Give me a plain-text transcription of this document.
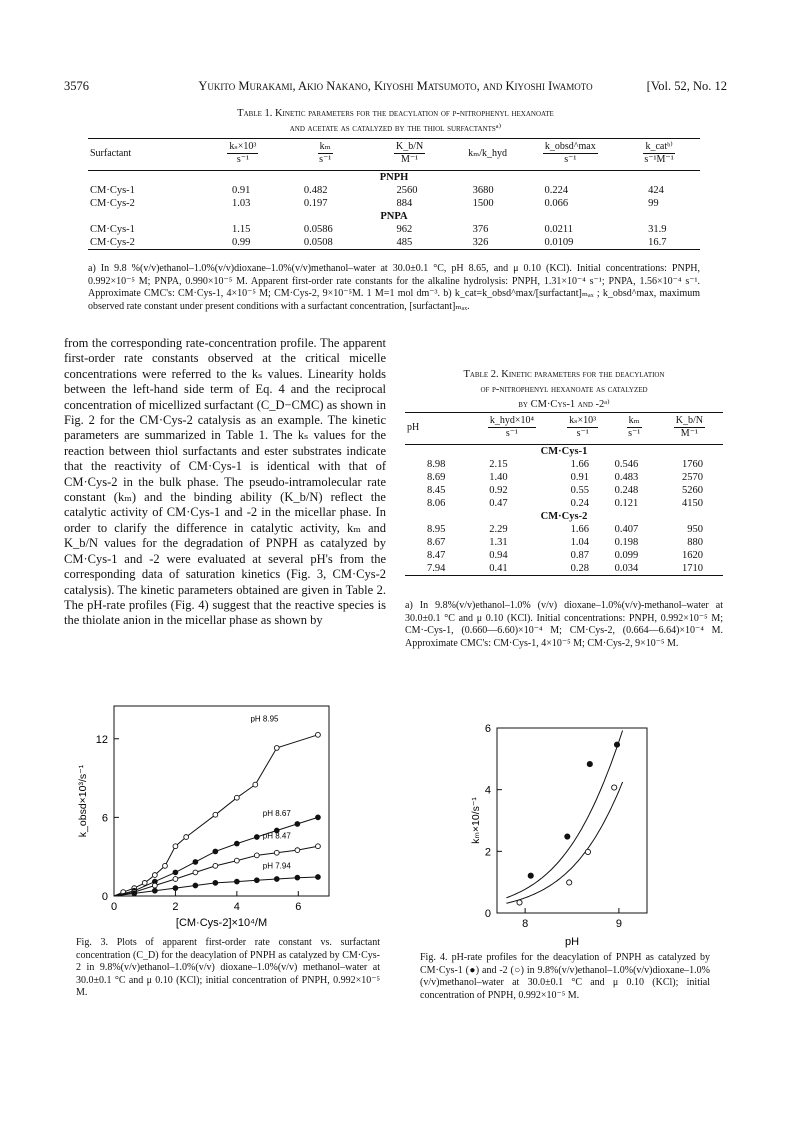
3576	Yukito Murakami, Akio Nakano, Kiyoshi Matsumoto, and Kiyoshi Iwamoto	[Vol. 52, No. 12
Table 1. Kinetic parameters for the deacylation of p-nitrophenyl hexanoate
and acetate as catalyzed by the thiol surfactantsᵃ⁾
Surfactant	$\frac{\text{kₛ×10³}}{\text{s⁻¹}}$	$\frac{\text{kₘ}}{\text{s⁻¹}}$	$\frac{K\_b/N}{\text{M⁻¹}}$	kₘ/k_hyd	$\frac{\text{k\_obsd\textasciicircum{}max}}{\text{s⁻¹}}$	$\frac{\text{k\_catᵇ⁾}}{\text{s⁻¹M⁻¹}}$

PNPH						
CM·Cys-1	0.91	0.482	2560	3680	0.224	424
CM·Cys-2	1.03	0.197	884	1500	0.066	99
PNPA						
CM·Cys-1	1.15	0.0586	962	376	0.0211	31.9
CM·Cys-2	0.99	0.0508	485	326	0.0109	16.7
a) In 9.8 %(v/v)ethanol–1.0%(v/v)dioxane–1.0%(v/v)methanol–water at 30.0±0.1 °C, pH 8.65, and μ 0.10 (KCl). Initial concentrations: PNPH, 0.992×10⁻⁵ M; PNPA, 0.990×10⁻⁵ M. Apparent first-order rate constants for the alkaline hydrolysis: PNPH, 1.31×10⁻⁴ s⁻¹; PNPA, 1.56×10⁻⁴ s⁻¹. Approximate CMC's: CM·Cys-1, 4×10⁻⁵ M; CM·Cys-2, 9×10⁻⁵M. 1 M=1 mol dm⁻³. b) k_cat=k_obsd^max/[surfactant]ₘₐₓ ; k_obsd^max, maximum observed rate constant under present conditions with a surfactant concentration, [surfactant]ₘₐₓ.
from the corresponding rate-concentration profile. The apparent first-order rate constants observed at the critical micelle concentrations were referred to the kₛ values. Linearity holds between the left-hand side term of Eq. 4 and the reciprocal concentration of micellized surfactant (C_D−CMC) as shown in Fig. 2 for the CM·Cys-2 catalysis as an example. The kinetic parameters are summarized in Table 1. The kₛ values for the reaction between thiol surfactants and ester substrates indicate that the reactivity of CM·Cys-1 is identical with that of CM·Cys-2 in the bulk phase. The pseudo-intramolecular rate constant (kₘ) and the binding ability (K_b/N) reflect the catalytic activity of CM·Cys-1 and -2 in the micellar phase. In order to clarify the difference in catalytic activity, kₘ and K_b/N values for the degradation of PNPH as catalyzed by CM·Cys-1 and -2 were evaluated at several pH's from the corresponding data of saturation kinetics (Fig. 3, CM·Cys-2 catalysis). The kinetic parameters obtained are given in Table 2. The pH-rate profiles (Fig. 4) suggest that the reactive species is the thiolate anion in the micellar phase as shown by
Table 2. Kinetic parameters for the deacylation
of p-nitrophenyl hexanoate as catalyzed
by CM·Cys-1 and -2ᵃ⁾
pH	$\frac{\text{k\_hyd×10⁴}}{\text{s⁻¹}}$	$\frac{\text{kₛ×10³}}{\text{s⁻¹}}$	$\frac{\text{kₘ}}{\text{s⁻¹}}$	$\frac{K\_b/N}{\text{M⁻¹}}$

CM·Cys-1				
8.98	2.15	1.66	0.546	1760
8.69	1.40	0.91	0.483	2570
8.45	0.92	0.55	0.248	5260
8.06	0.47	0.24	0.121	4150
CM·Cys-2				
8.95	2.29	1.66	0.407	950
8.67	1.31	1.04	0.198	880
8.47	0.94	0.87	0.099	1620
7.94	0.41	0.28	0.034	1710
a) In 9.8%(v/v)ethanol–1.0% (v/v) dioxane–1.0%(v/v)-methanol–water at 30.0±0.1 °C and μ 0.10 (KCl). Initial concentrations: PNPH, 0.992×10⁻⁵ M; CM·-Cys-1, (0.660—6.60)×10⁻⁴ M; CM·Cys-2, (0.664—6.64)×10⁻⁴ M. Approximate CMC's: CM·Cys-1, 4×10⁻⁵ M; CM·Cys-2, 9×10⁻⁵ M.
0	2	4	6
0
6
12
[CM·Cys-2]×10⁴/M
k_obsd×10³/s⁻¹
pH 8.95
pH 8.67
pH 8.47
pH 7.94
Fig. 3. Plots of apparent first-order rate constant vs. surfactant concentration (C_D) for the deacylation of PNPH as catalyzed by CM·Cys-2 in 9.8%(v/v)ethanol–1.0%(v/v) dioxane–1.0%(v/v) methanol–water at 30.0±0.1 °C and μ 0.10 (KCl); initial concentration of PNPH, 0.992×10⁻⁵ M.
8	9
0
2
4
6
pH
kₘ×10/s⁻¹
Fig. 4. pH-rate profiles for the deacylation of PNPH as catalyzed by CM·Cys-1 (●) and -2 (○) in 9.8%(v/v)ethanol–1.0%(v/v)dioxane–1.0%(v/v)methanol–water at 30.0±0.1 °C and μ 0.10 (KCl); initial concentration of PNPH, 0.992×10⁻⁵ M.
